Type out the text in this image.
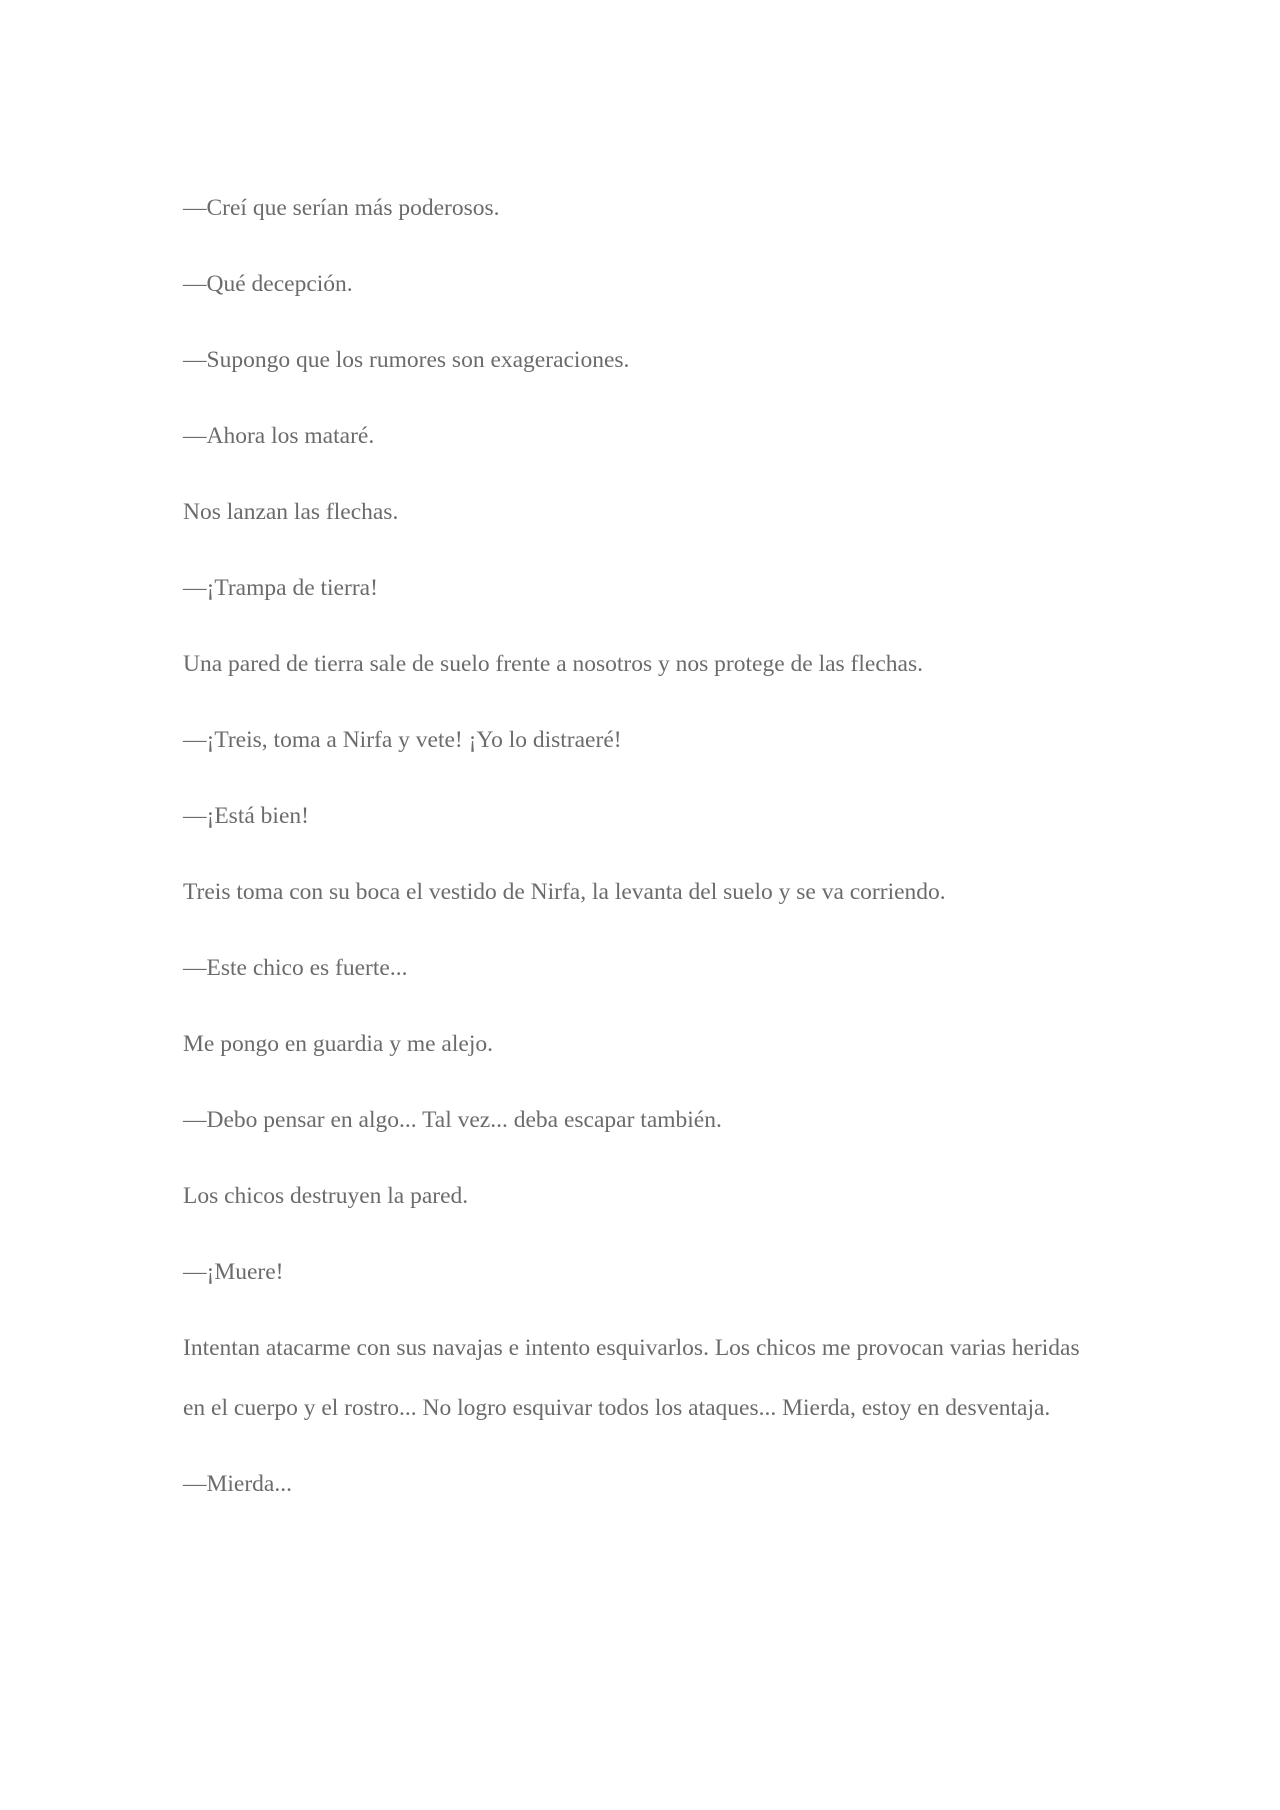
—Creí que serían más poderosos.

—Qué decepción.

—Supongo que los rumores son exageraciones.

—Ahora los mataré.

Nos lanzan las flechas.

—¡Trampa de tierra!

Una pared de tierra sale de suelo frente a nosotros y nos protege de las flechas.

—¡Treis, toma a Nirfa y vete! ¡Yo lo distraeré!

—¡Está bien!

Treis toma con su boca el vestido de Nirfa, la levanta del suelo y se va corriendo.

—Este chico es fuerte...

Me pongo en guardia y me alejo.

—Debo pensar en algo... Tal vez... deba escapar también.

Los chicos destruyen la pared.

—¡Muere!

Intentan atacarme con sus navajas e intento esquivarlos. Los chicos me provocan varias heridas en el cuerpo y el rostro... No logro esquivar todos los ataques... Mierda, estoy en desventaja.

—Mierda...
